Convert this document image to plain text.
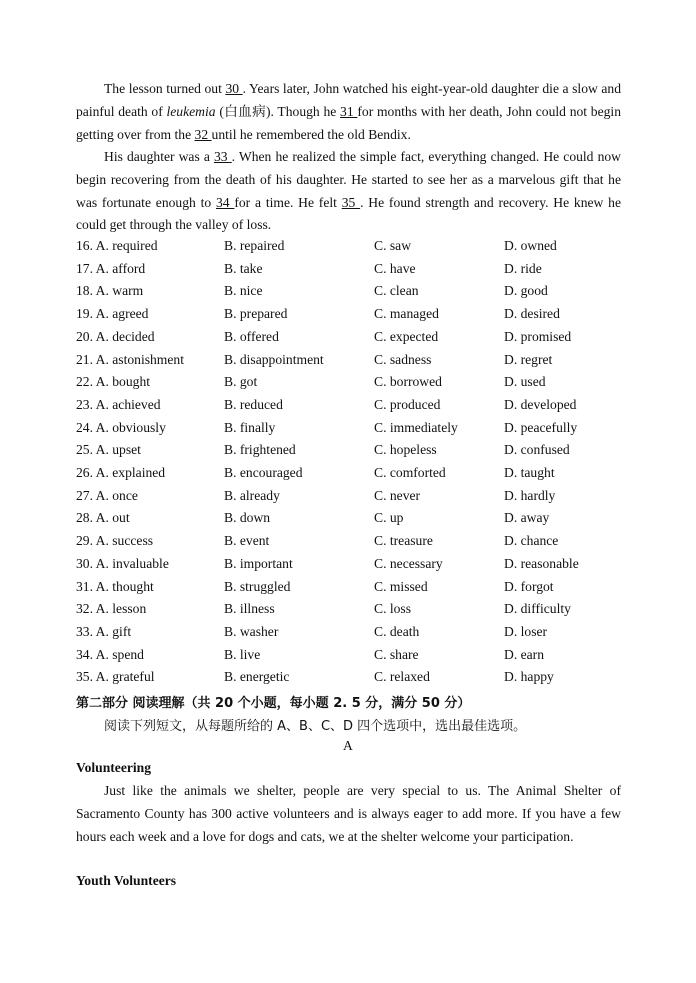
The lesson turned out 30 . Years later, John watched his eight-year-old daughter die a slow and painful death of leukemia (白血病). Though he 31 for months with her death, John could not begin getting over from the 32 until he remembered the old Bendix.
His daughter was a 33 . When he realized the simple fact, everything changed. He could now begin recovering from the death of his daughter. He started to see her as a marvelous gift that he was fortunate enough to 34 for a time. He felt 35 . He found strength and recovery. He knew he could get through the valley of loss.
16. A. required	B. repaired	C. saw	D. owned
17. A. afford	B. take	C. have	D. ride
18. A. warm	B. nice	C. clean	D. good
19. A. agreed	B. prepared	C. managed	D. desired
20. A. decided	B. offered	C. expected	D. promised
21. A. astonishment	B. disappointment	C. sadness	D. regret
22. A. bought	B. got	C. borrowed	D. used
23. A. achieved	B. reduced	C. produced	D. developed
24. A. obviously	B. finally	C. immediately	D. peacefully
25. A. upset	B. frightened	C. hopeless	D. confused
26. A. explained	B. encouraged	C. comforted	D. taught
27. A. once	B. already	C. never	D. hardly
28. A. out	B. down	C. up	D. away
29. A. success	B. event	C. treasure	D. chance
30. A. invaluable	B. important	C. necessary	D. reasonable
31. A. thought	B. struggled	C. missed	D. forgot
32. A. lesson	B. illness	C. loss	D. difficulty
33. A. gift	B. washer	C. death	D. loser
34. A. spend	B. live	C. share	D. earn
35. A. grateful	B. energetic	C. relaxed	D. happy
第二部分 阅读理解（共 20 个小题，每小题 2. 5 分，满分 50 分）
阅读下列短文，从每题所给的 A、B、C、D 四个选项中，选出最佳选项。
A
Volunteering
Just like the animals we shelter, people are very special to us. The Animal Shelter of Sacramento County has 300 active volunteers and is always eager to add more. If you have a few hours each week and a love for dogs and cats, we at the shelter welcome your participation.
Youth Volunteers
